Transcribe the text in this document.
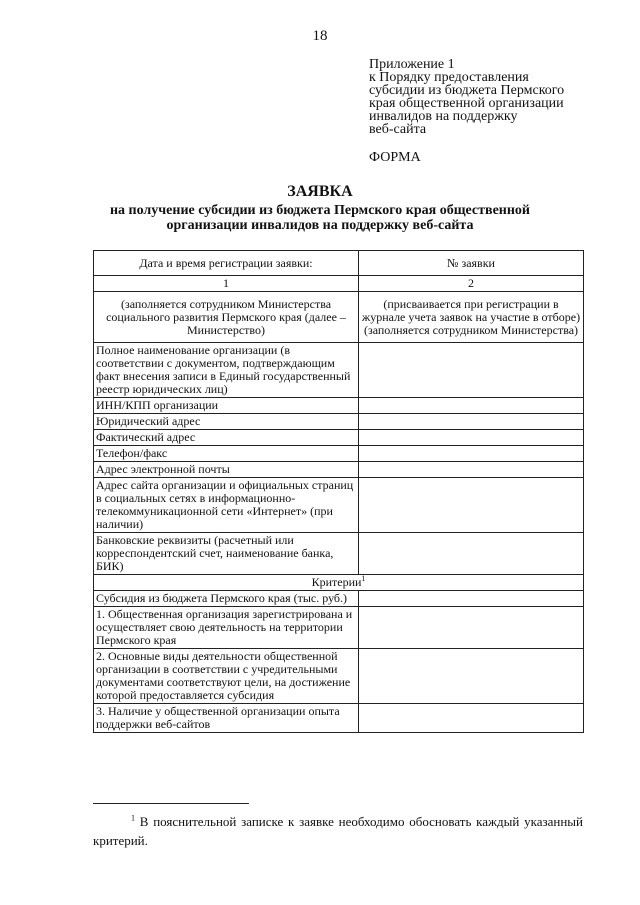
18
Приложение 1
к Порядку предоставления
субсидии из бюджета Пермского
края общественной организации
инвалидов на поддержку
веб-сайта
ФОРМА
ЗАЯВКА
на получение субсидии из бюджета Пермского края общественной организации инвалидов на поддержку веб-сайта
Дата и время регистрации заявки:	№ заявки
1	2
(заполняется сотрудником Министерства социального развития Пермского края (далее – Министерство)	(присваивается при регистрации в журнале учета заявок на участие в отборе) (заполняется сотрудником Министерства)
Полное наименование организации (в соответствии с документом, подтверждающим факт внесения записи в Единый государственный реестр юридических лиц)	
ИНН/КПП организации	
Юридический адрес	
Фактический адрес	
Телефон/факс	
Адрес электронной почты	
Адрес сайта организации и официальных страниц в социальных сетях в информационно-телекоммуникационной сети «Интернет» (при наличии)	
Банковские реквизиты (расчетный или корреспондентский счет, наименование банка, БИК)	
Критерии$^1$
Субсидия из бюджета Пермского края (тыс. руб.)	
1. Общественная организация зарегистрирована и осуществляет свою деятельность на территории Пермского края	
2. Основные виды деятельности общественной организации в соответствии с учредительными документами соответствуют цели, на достижение которой предоставляется субсидия	
3. Наличие у общественной организации опыта поддержки веб-сайтов	
$^1$ В пояснительной записке к заявке необходимо обосновать каждый указанный критерий.
